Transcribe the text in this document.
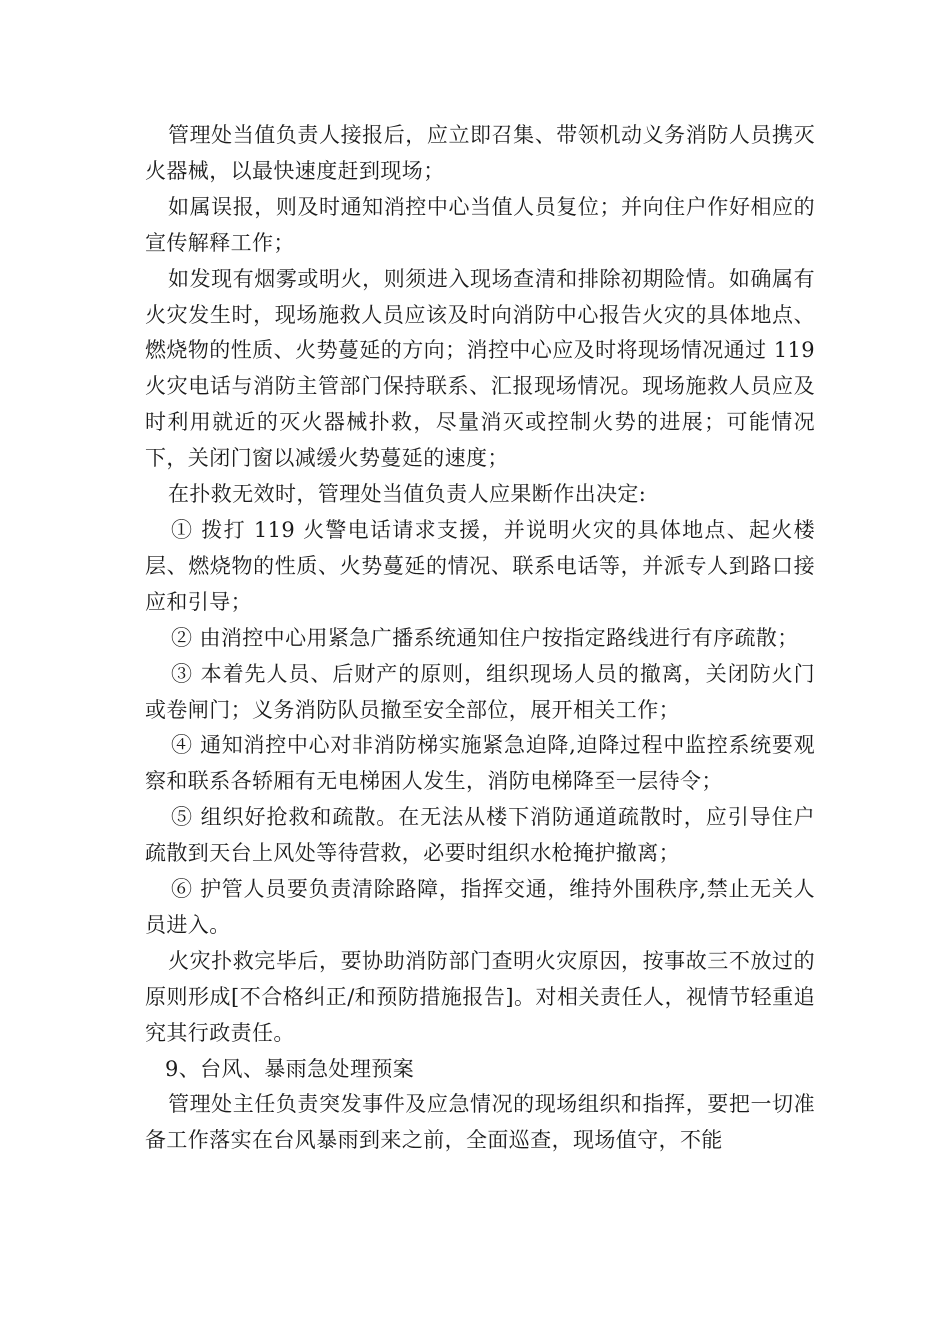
管理处当值负责人接报后，应立即召集、带领机动义务消防人员携灭火器械，以最快速度赶到现场；

如属误报，则及时通知消控中心当值人员复位；并向住户作好相应的宣传解释工作；

如发现有烟雾或明火，则须进入现场查清和排除初期险情。如确属有火灾发生时，现场施救人员应该及时向消防中心报告火灾的具体地点、燃烧物的性质、火势蔓延的方向；消控中心应及时将现场情况通过 119 火灾电话与消防主管部门保持联系、汇报现场情况。现场施救人员应及时利用就近的灭火器械扑救，尽量消灭或控制火势的进展；可能情况下，关闭门窗以减缓火势蔓延的速度；

在扑救无效时，管理处当值负责人应果断作出决定:

① 拨打 119 火警电话请求支援，并说明火灾的具体地点、起火楼层、燃烧物的性质、火势蔓延的情况、联系电话等，并派专人到路口接应和引导；

② 由消控中心用紧急广播系统通知住户按指定路线进行有序疏散；

③ 本着先人员、后财产的原则，组织现场人员的撤离，关闭防火门或卷闸门；义务消防队员撤至安全部位，展开相关工作；

④ 通知消控中心对非消防梯实施紧急迫降,迫降过程中监控系统要观察和联系各轿厢有无电梯困人发生，消防电梯降至一层待令；

⑤ 组织好抢救和疏散。在无法从楼下消防通道疏散时，应引导住户疏散到天台上风处等待营救，必要时组织水枪掩护撤离；

⑥ 护管人员要负责清除路障，指挥交通，维持外围秩序,禁止无关人员进入。

火灾扑救完毕后，要协助消防部门查明火灾原因，按事故三不放过的原则形成[不合格纠正/和预防措施报告]。对相关责任人，视情节轻重追究其行政责任。

9、台风、暴雨急处理预案

管理处主任负责突发事件及应急情况的现场组织和指挥，要把一切准备工作落实在台风暴雨到来之前，全面巡查，现场值守，不能
